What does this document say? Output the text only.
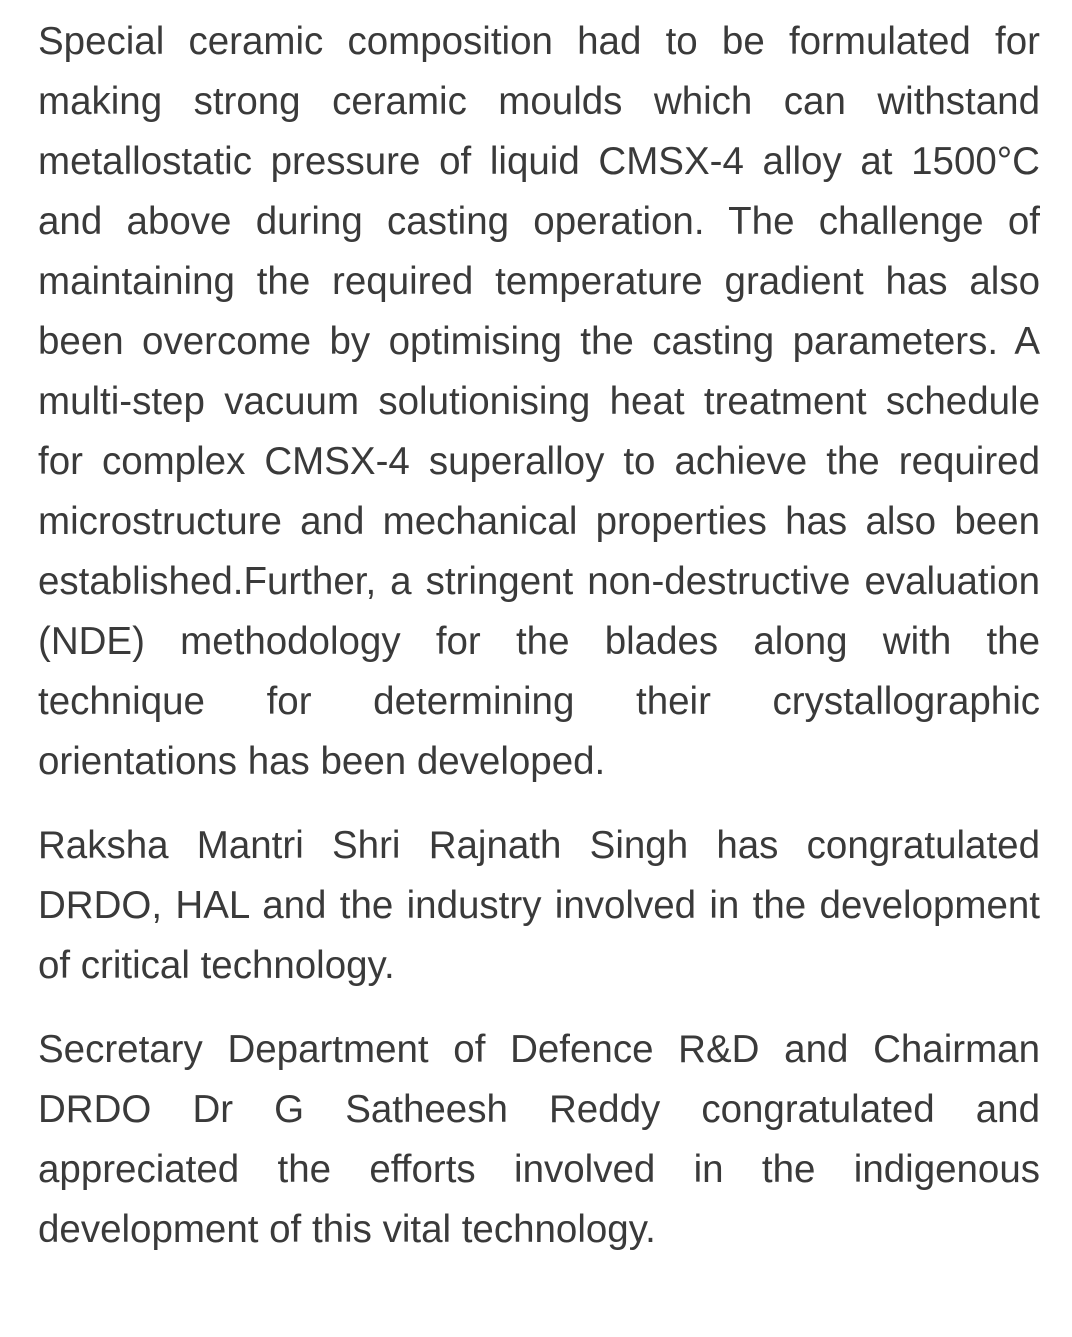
Special ceramic composition had to be formulated for making strong ceramic moulds which can withstand metallostatic pressure of liquid CMSX-4 alloy at 1500°C and above during casting operation. The challenge of maintaining the required temperature gradient has also been overcome by optimising the casting parameters. A multi-step vacuum solutionising heat treatment schedule for complex CMSX-4 superalloy to achieve the required microstructure and mechanical properties has also been established.Further, a stringent non-destructive evaluation (NDE) methodology for the blades along with the technique for determining their crystallographic orientations has been developed.

Raksha Mantri Shri Rajnath Singh has congratulated DRDO, HAL and the industry involved in the development of critical technology.

Secretary Department of Defence R&D and Chairman DRDO Dr G Satheesh Reddy congratulated and appreciated the efforts involved in the indigenous development of this vital technology.
